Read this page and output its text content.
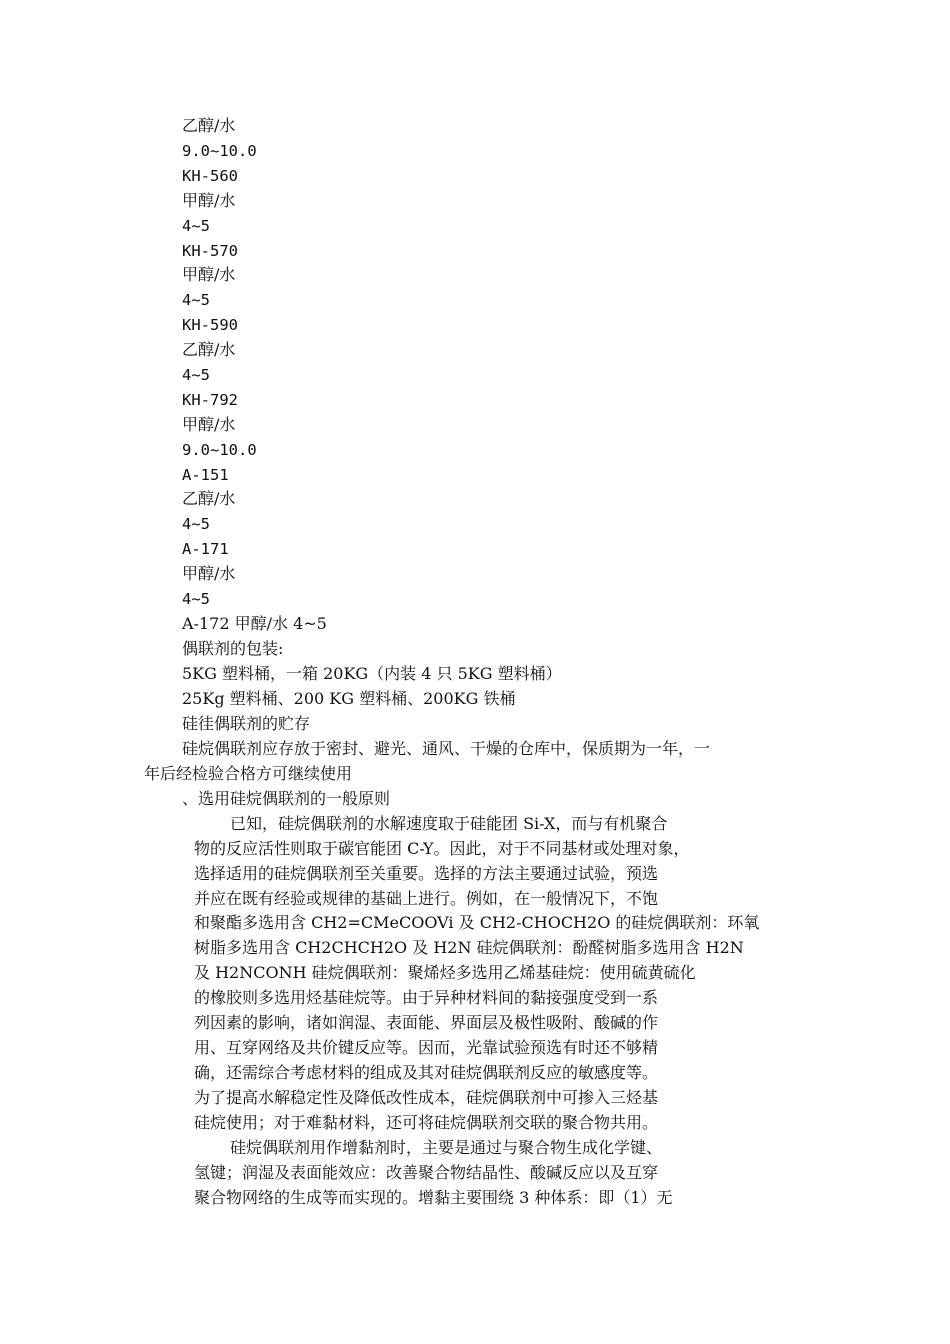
乙醇/水
9.0~10.0
KH-560
甲醇/水
4~5
KH-570
甲醇/水
4~5
KH-590
乙醇/水
4~5
KH-792
甲醇/水
9.0~10.0
A-151
乙醇/水
4~5
A-171
甲醇/水
4~5
A-172 甲醇/水 4~5
偶联剂的包装:
5KG 塑料桶，一箱 20KG（内装 4 只 5KG 塑料桶）
25Kg 塑料桶、200 KG 塑料桶、200KG 铁桶
硅徍偶联剂的贮存
硅烷偶联剂应存放于密封、避光、通风、干燥的仓库中，保质期为一年，一
年后经检验合格方可继续使用
、选用硅烷偶联剂的一般原则
已知，硅烷偶联剂的水解速度取于硅能团 Si-X，而与有机聚合
物的反应活性则取于碳官能团 C-Y。因此，对于不同基材或处理对象，
选择适用的硅烷偶联剂至关重要。选择的方法主要通过试验，预选
并应在既有经验或规律的基础上进行。例如，在一般情况下，不饱
和聚酯多选用含 CH2=CMeCOOVi 及 CH2-CHOCH2O 的硅烷偶联剂：环氧
树脂多选用含 CH2CHCH2O 及 H2N 硅烷偶联剂：酚醛树脂多选用含 H2N
及 H2NCONH 硅烷偶联剂：聚烯烃多选用乙烯基硅烷：使用硫黄硫化
的橡胶则多选用烃基硅烷等。由于异种材料间的黏接强度受到一系
列因素的影响，诸如润湿、表面能、界面层及极性吸附、酸碱的作
用、互穿网络及共价键反应等。因而，光靠试验预选有时还不够精
确，还需综合考虑材料的组成及其对硅烷偶联剂反应的敏感度等。
为了提高水解稳定性及降低改性成本，硅烷偶联剂中可掺入三烃基
硅烷使用；对于难黏材料，还可将硅烷偶联剂交联的聚合物共用。
硅烷偶联剂用作增黏剂时，主要是通过与聚合物生成化学键、
氢键；润湿及表面能效应：改善聚合物结晶性、酸碱反应以及互穿
聚合物网络的生成等而实现的。增黏主要围绕 3 种体系：即（1）无
